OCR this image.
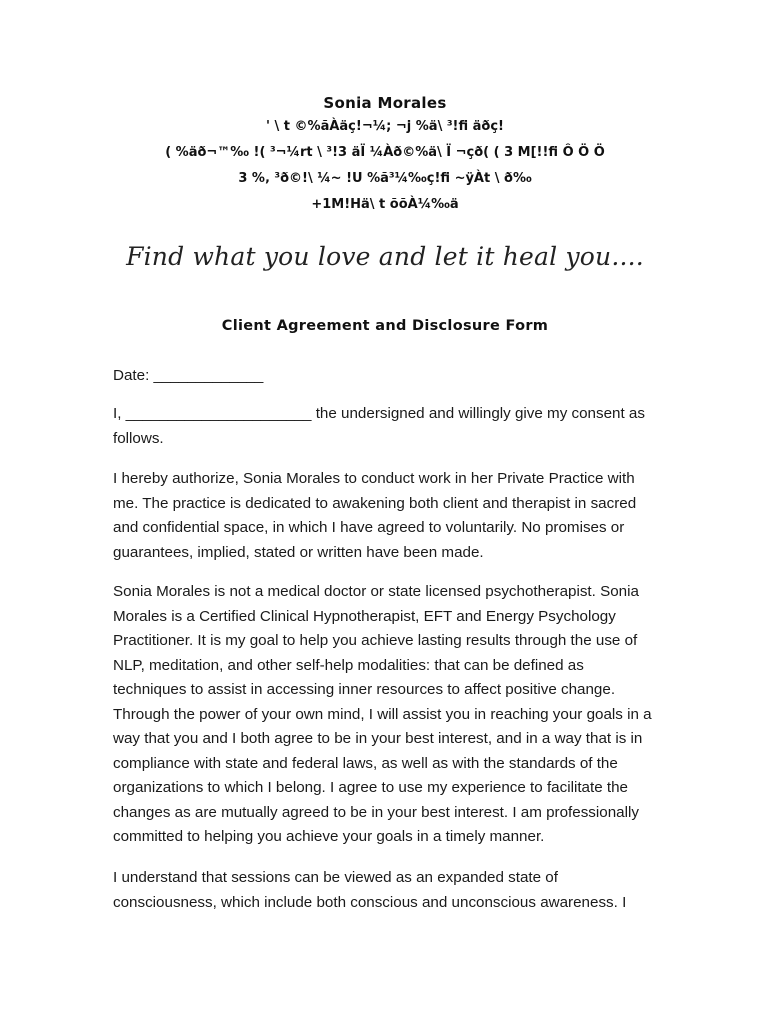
Sonia Morales
' \ t ©%ãÀäç!¬¼; ¬j %ä\ ³!fi äðç!
( %äð¬™‰ !( ³¬¼rt \ ³!3 äÏ ¼Àð©%ä\ Ï ¬çð( ( 3 M[!!fi Ô Ö Ö
3 %‚ ³ð©!\ ¼~ !U %ã³¼‰ç!fi ~ÿÀt \ ð‰
+1M!Hä\ t õõÀ¼‰ä
Find what you love and let it heal you....
Client Agreement and Disclosure Form
Date: _____________
I, ______________________ the undersigned and willingly give my consent as follows.

I hereby authorize, Sonia Morales to conduct work in her Private Practice with me. The practice is dedicated to awakening both client and therapist in sacred and confidential space, in which I have agreed to voluntarily. No promises or guarantees, implied, stated or written have been made.

Sonia Morales is not a medical doctor or state licensed psychotherapist. Sonia Morales is a Certified Clinical Hypnotherapist, EFT and Energy Psychology Practitioner. It is my goal to help you achieve lasting results through the use of NLP, meditation, and other self-help modalities: that can be defined as techniques to assist in accessing inner resources to affect positive change. Through the power of your own mind, I will assist you in reaching your goals in a way that you and I both agree to be in your best interest, and in a way that is in compliance with state and federal laws, as well as with the standards of the organizations to which I belong. I agree to use my experience to facilitate the changes as are mutually agreed to be in your best interest. I am professionally committed to helping you achieve your goals in a timely manner.

I understand that sessions can be viewed as an expanded state of consciousness, which include both conscious and unconscious awareness. I
